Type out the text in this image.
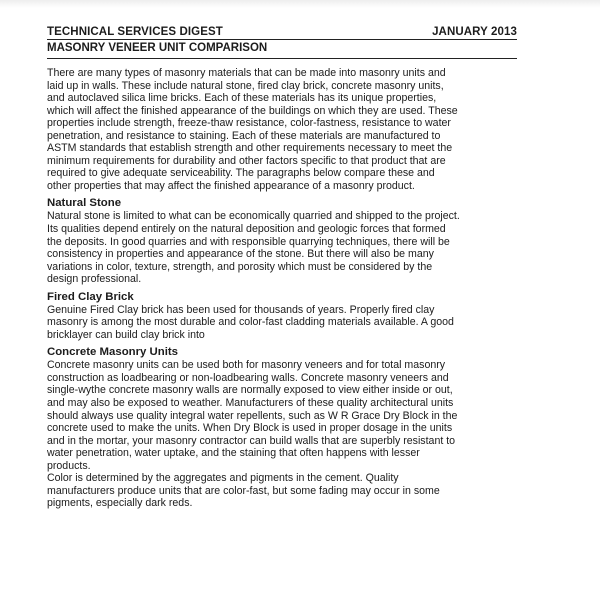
TECHNICAL SERVICES DIGEST	JANUARY 2013
MASONRY VENEER UNIT COMPARISON

There are many types of masonry materials that can be made into masonry units and

laid up in walls. These include natural stone, fired clay brick, concrete masonry units,

and autoclaved silica lime bricks. Each of these materials has its unique properties,

which will affect the finished appearance of the buildings on which they are used. These

properties include strength, freeze-thaw resistance, color-fastness, resistance to water

penetration, and resistance to staining. Each of these materials are manufactured to

ASTM standards that establish strength and other requirements necessary to meet the

minimum requirements for durability and other factors specific to that product that are

required to give adequate serviceability. The paragraphs below compare these and

other properties that may affect the finished appearance of a masonry product.

Natural Stone

Natural stone is limited to what can be economically quarried and shipped to the project.

Its qualities depend entirely on the natural deposition and geologic forces that formed

the deposits. In good quarries and with responsible quarrying techniques, there will be

consistency in properties and appearance of the stone. But there will also be many

variations in color, texture, strength, and porosity which must be considered by the

design professional.

Fired Clay Brick

Genuine Fired Clay brick has been used for thousands of years. Properly fired clay

masonry is among the most durable and color-fast cladding materials available. A good

bricklayer can build clay brick into

Concrete Masonry Units

Concrete masonry units can be used both for masonry veneers and for total masonry

construction as loadbearing or non-loadbearing walls. Concrete masonry veneers and

single-wythe concrete masonry walls are normally exposed to view either inside or out,

and may also be exposed to weather. Manufacturers of these quality architectural units

should always use quality integral water repellents, such as W R Grace Dry Block in the

concrete used to make the units. When Dry Block is used in proper dosage in the units

and in the mortar, your masonry contractor can build walls that are superbly resistant to

water penetration, water uptake, and the staining that often happens with lesser

products.

Color is determined by the aggregates and pigments in the cement. Quality

manufacturers produce units that are color-fast, but some fading may occur in some

pigments, especially dark reds.
